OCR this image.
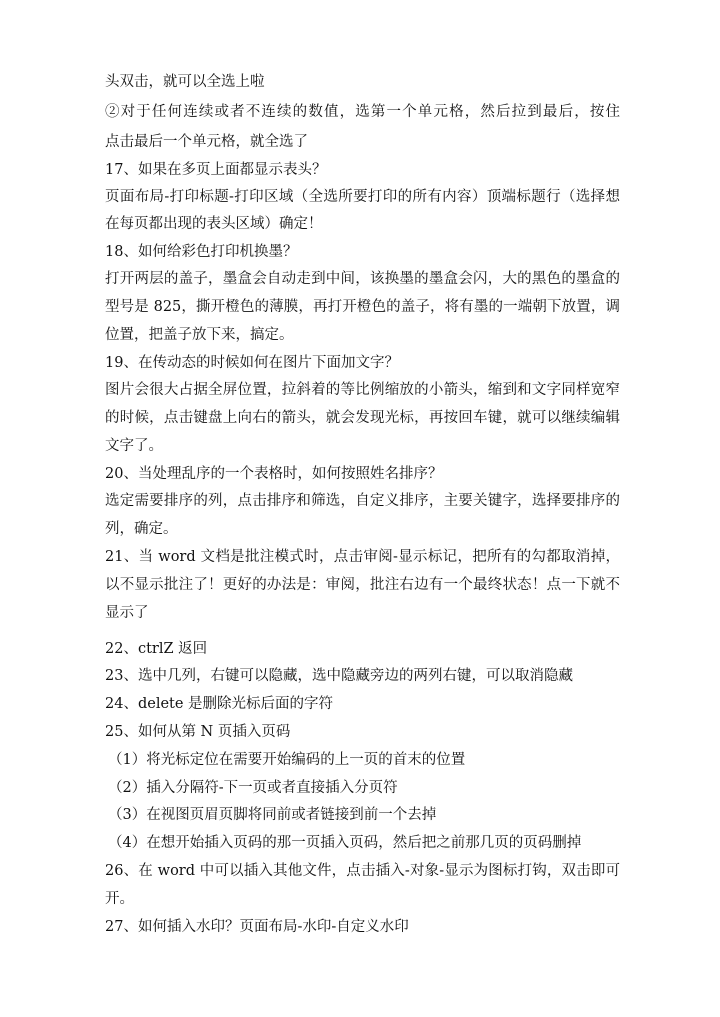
头双击，就可以全选上啦
②对于任何连续或者不连续的数值，选第一个单元格，然后拉到最后，按住
点击最后一个单元格，就全选了
17、如果在多页上面都显示表头？
页面布局-打印标题-打印区域（全选所要打印的所有内容）顶端标题行（选择想
在每页都出现的表头区域）确定！
18、如何给彩色打印机换墨？
打开两层的盖子，墨盒会自动走到中间，该换墨的墨盒会闪，大的黑色的墨盒的
型号是 825，撕开橙色的薄膜，再打开橙色的盖子，将有墨的一端朝下放置，调
位置，把盖子放下来，搞定。
19、在传动态的时候如何在图片下面加文字？
图片会很大占据全屏位置，拉斜着的等比例缩放的小箭头，缩到和文字同样宽窄
的时候，点击键盘上向右的箭头，就会发现光标，再按回车键，就可以继续编辑
文字了。
20、当处理乱序的一个表格时，如何按照姓名排序？
选定需要排序的列，点击排序和筛选，自定义排序，主要关键字，选择要排序的
列，确定。
21、当 word 文档是批注模式时，点击审阅-显示标记，把所有的勾都取消掉，
以不显示批注了！更好的办法是：审阅，批注右边有一个最终状态！点一下就不
显示了
22、ctrlZ 返回
23、选中几列，右键可以隐藏，选中隐藏旁边的两列右键，可以取消隐藏
24、delete 是删除光标后面的字符
25、如何从第 N 页插入页码
（1）将光标定位在需要开始编码的上一页的首末的位置
（2）插入分隔符-下一页或者直接插入分页符
（3）在视图页眉页脚将同前或者链接到前一个去掉
（4）在想开始插入页码的那一页插入页码，然后把之前那几页的页码删掉
26、在 word 中可以插入其他文件，点击插入-对象-显示为图标打钩，双击即可
开。
27、如何插入水印？页面布局-水印-自定义水印
